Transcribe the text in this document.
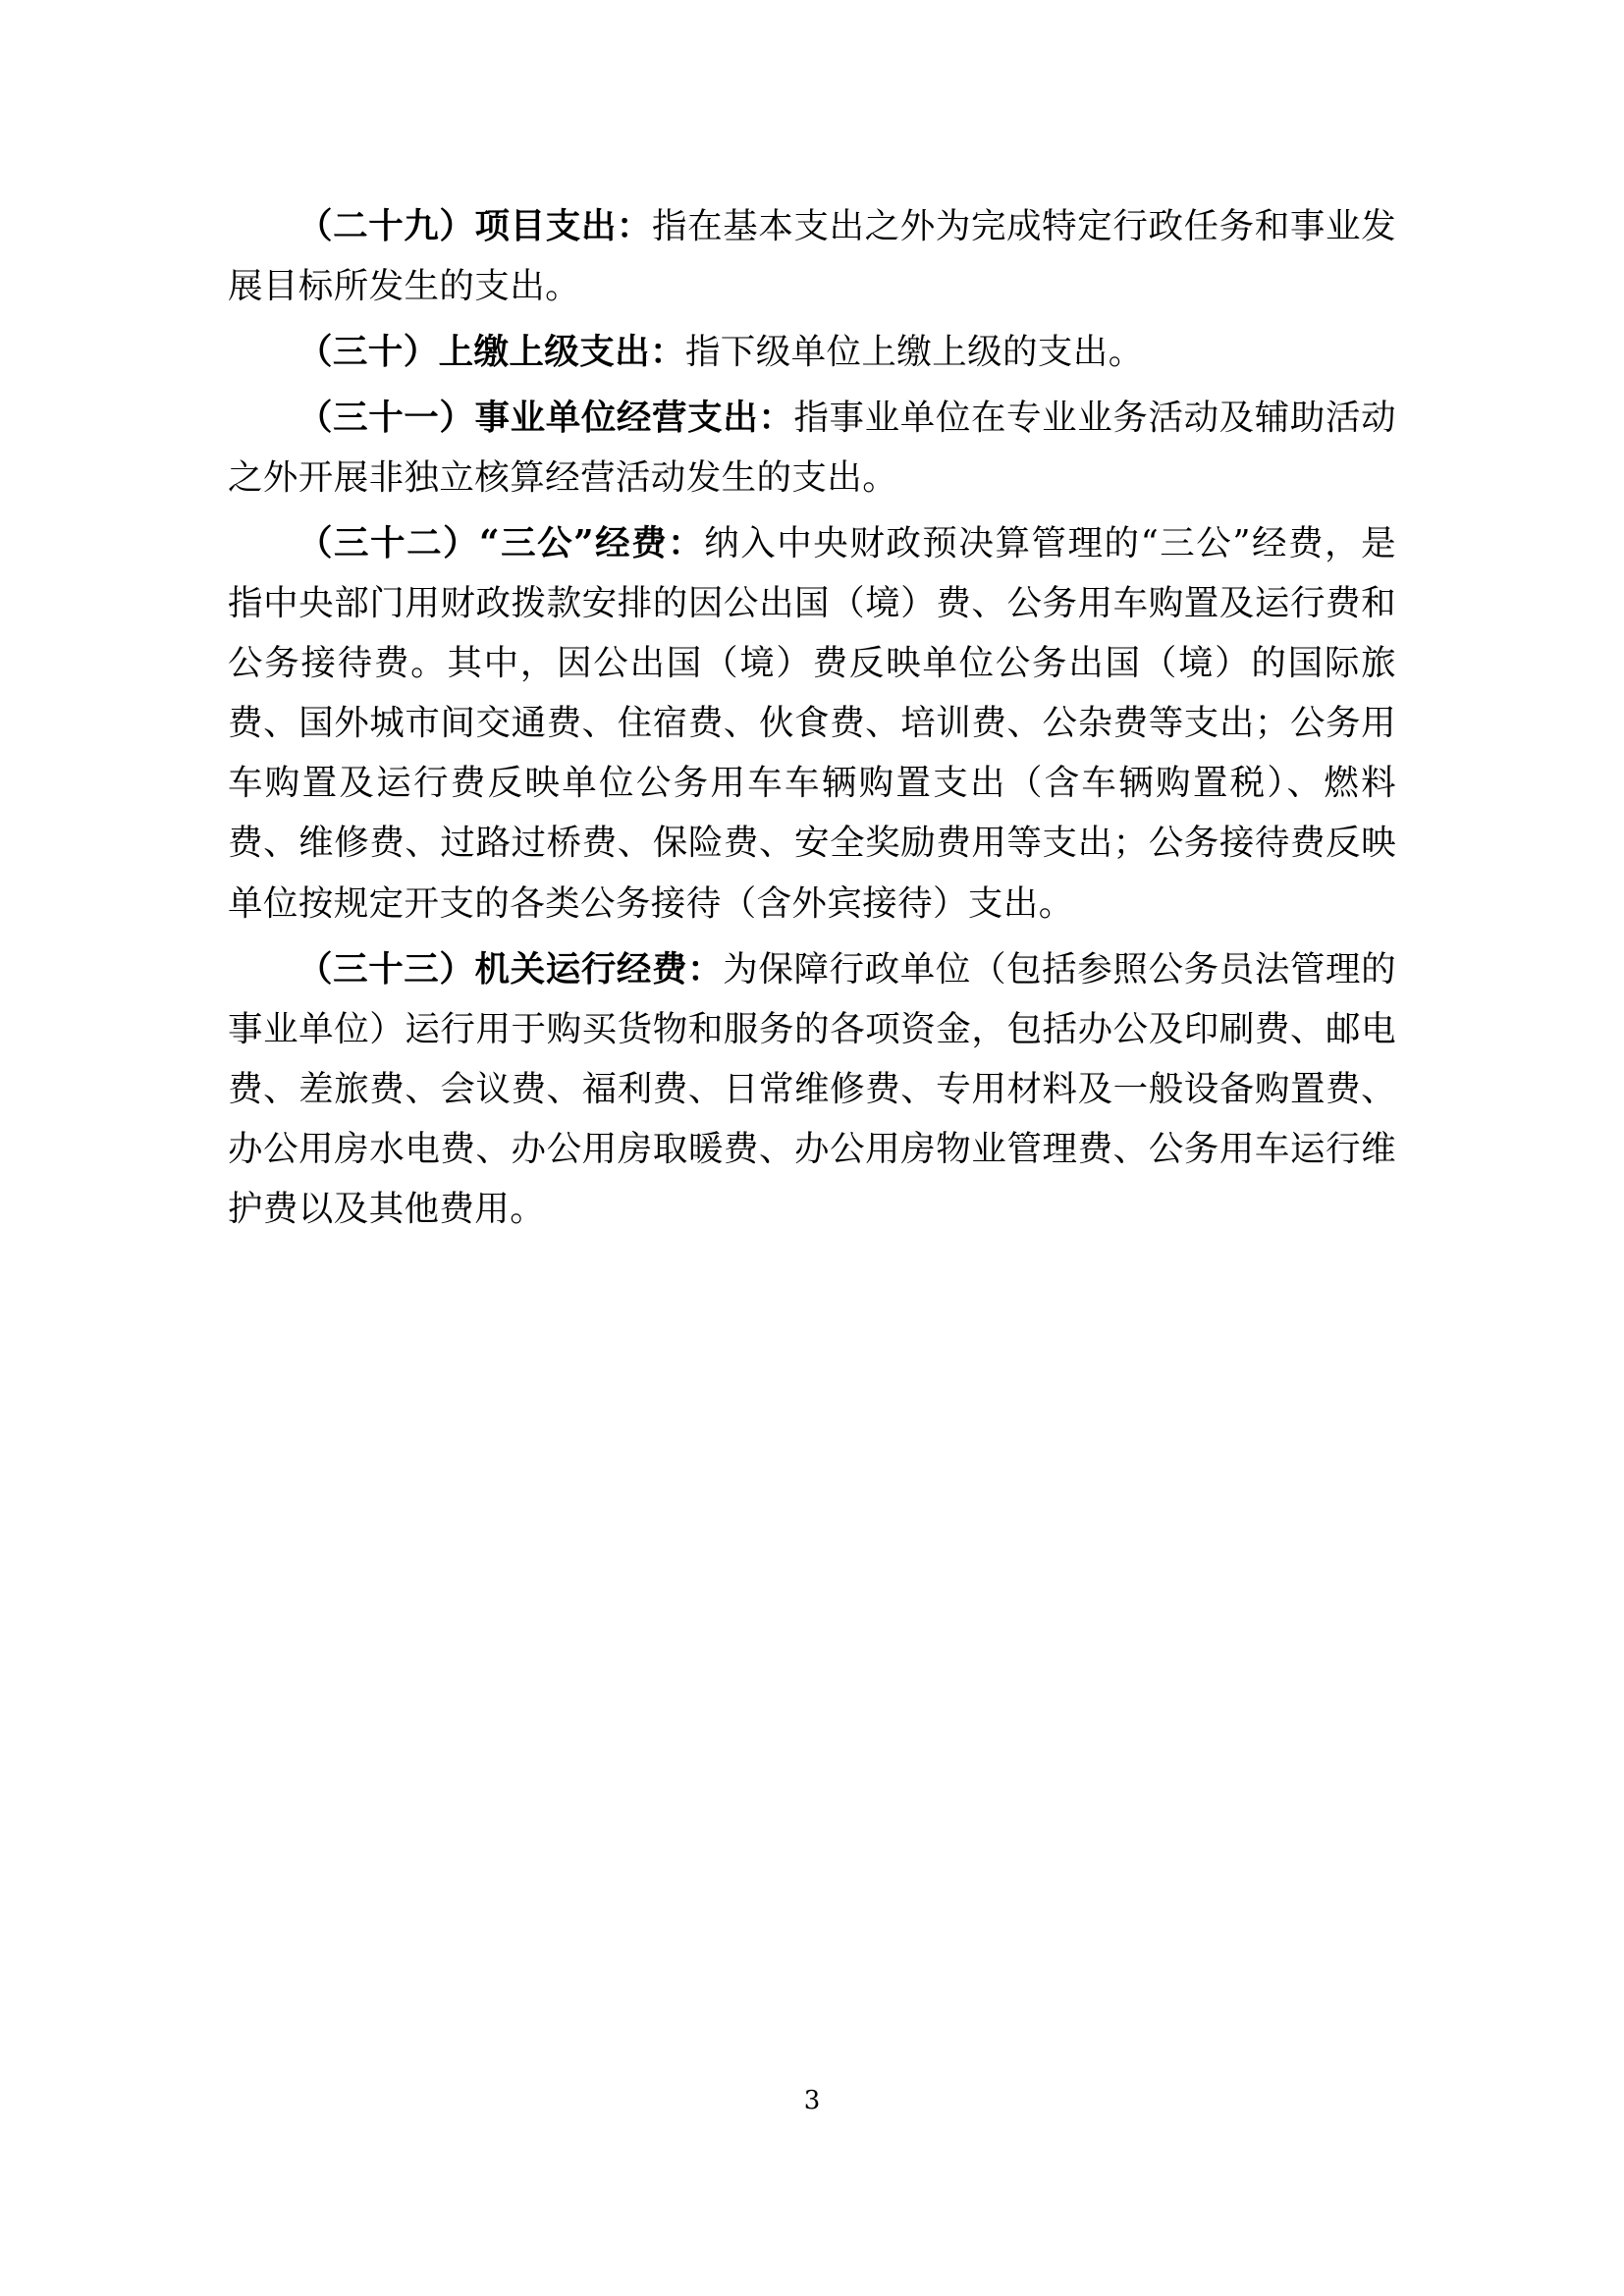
（二十九）项目支出：指在基本支出之外为完成特定行政任务和事业发展目标所发生的支出。

（三十）上缴上级支出：指下级单位上缴上级的支出。

（三十一）事业单位经营支出：指事业单位在专业业务活动及辅助活动之外开展非独立核算经营活动发生的支出。

（三十二）“三公”经费：纳入中央财政预决算管理的“三公”经费，是指中央部门用财政拨款安排的因公出国（境）费、公务用车购置及运行费和公务接待费。其中，因公出国（境）费反映单位公务出国（境）的国际旅费、国外城市间交通费、住宿费、伙食费、培训费、公杂费等支出；公务用车购置及运行费反映单位公务用车车辆购置支出（含车辆购置税）、燃料费、维修费、过路过桥费、保险费、安全奖励费用等支出；公务接待费反映单位按规定开支的各类公务接待（含外宾接待）支出。

（三十三）机关运行经费：为保障行政单位（包括参照公务员法管理的事业单位）运行用于购买货物和服务的各项资金，包括办公及印刷费、邮电费、差旅费、会议费、福利费、日常维修费、专用材料及一般设备购置费、办公用房水电费、办公用房取暖费、办公用房物业管理费、公务用车运行维护费以及其他费用。

3
